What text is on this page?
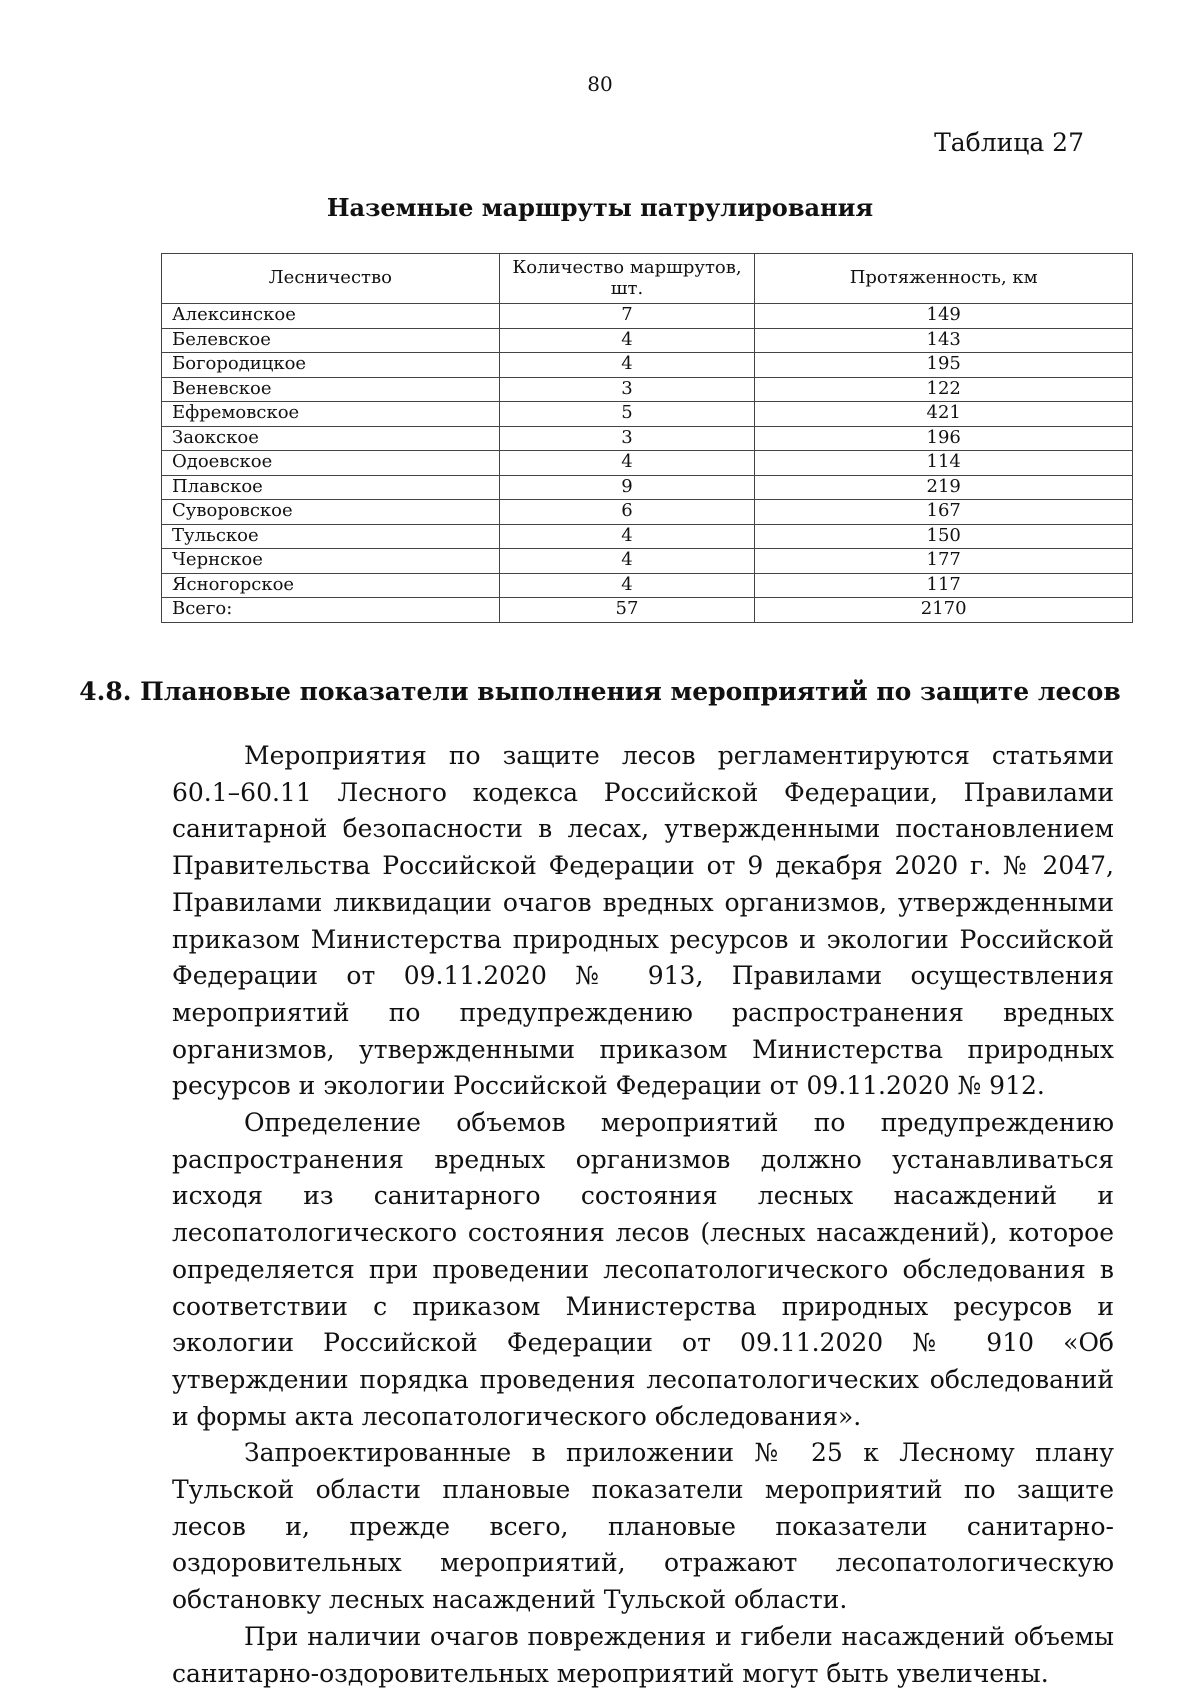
80
Таблица 27
Наземные маршруты патрулирования
Лесничество	Количество маршрутов, шт.	Протяженность, км
Алексинское	7	149
Белевское	4	143
Богородицкое	4	195
Веневское	3	122
Ефремовское	5	421
Заокское	3	196
Одоевское	4	114
Плавское	9	219
Суворовское	6	167
Тульское	4	150
Чернское	4	177
Ясногорское	4	117
Всего:	57	2170
4.8. Плановые показатели выполнения мероприятий по защите лесов

Мероприятия по защите лесов регламентируются статьями 60.1–60.11 Лесного кодекса Российской Федерации, Правилами санитарной безопасности в лесах, утвержденными постановлением Правительства Российской Федерации от 9 декабря 2020 г. № 2047, Правилами ликвидации очагов вредных организмов, утвержденными приказом Министерства природных ресурсов и экологии Российской Федерации от 09.11.2020 № 913, Правилами осуществления мероприятий по предупреждению распространения вредных организмов, утвержденными приказом Министерства природных ресурсов и экологии Российской Федерации от 09.11.2020 № 912.

Определение объемов мероприятий по предупреждению распространения вредных организмов должно устанавливаться исходя из санитарного состояния лесных насаждений и лесопатологического состояния лесов (лесных насаждений), которое определяется при проведении лесопатологического обследования в соответствии с приказом Министерства природных ресурсов и экологии Российской Федерации от 09.11.2020 № 910 «Об утверждении порядка проведения лесопатологических обследований и формы акта лесопатологического обследования».

Запроектированные в приложении № 25 к Лесному плану Тульской области плановые показатели мероприятий по защите лесов и, прежде всего, плановые показатели санитарно-оздоровительных мероприятий, отражают лесопатологическую обстановку лесных насаждений Тульской области.

При наличии очагов повреждения и гибели насаждений объемы санитарно-оздоровительных мероприятий могут быть увеличены.
